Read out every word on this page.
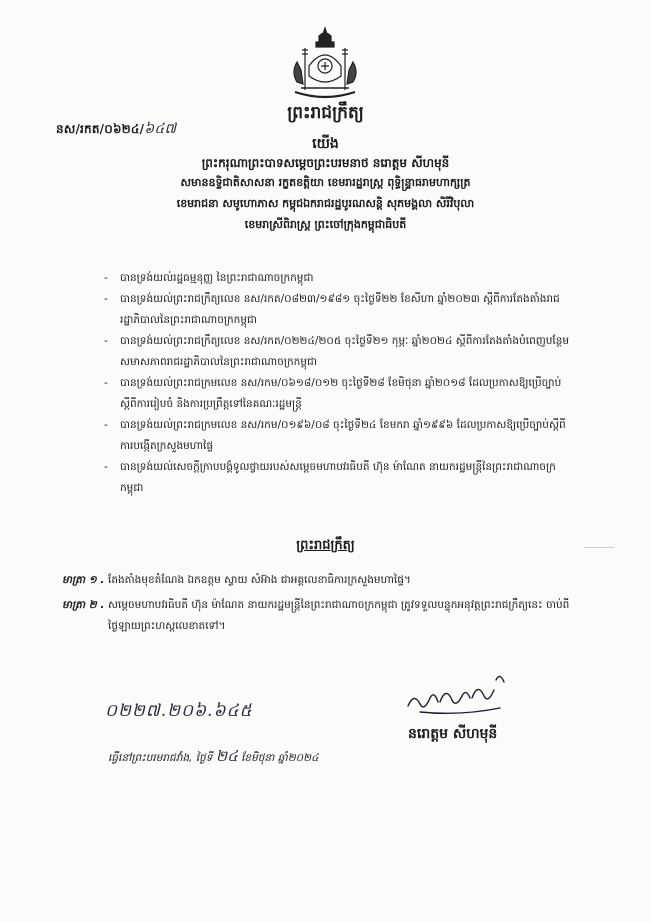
ព្រះរាជក្រឹត្យ
នស/រកត/០៦២៤/៦៤៧
យើង
ព្រះករុណាព្រះបាទសម្តេចព្រះបរមនាថ នរោត្តម សីហមុនី
សមានឧទ្ទិជាតិសាសនា រក្ខតខត្តិយា ខេមរារដ្ឋរាស្ត្រ ពុទ្ធិន្ទ្រាធរាមហាក្សត្រ
ខេមរាជនា សមូហោភាស កម្ពុជឯករាជរដ្ឋបូរណសន្តិ សុភមង្គលា សិរីវិបុលា
ខេមរាស្រីពិរាស្ត្រ ព្រះចៅក្រុងកម្ពុជាធិបតី
- បានទ្រង់យល់រដ្ឋធម្មនុញ្ញ នៃព្រះរាជាណាចក្រកម្ពុជា
- បានទ្រង់យល់ព្រះរាជក្រឹត្យលេខ នស/រកត/០៨២៣/១៩៨១ ចុះថ្ងៃទី២២ ខែសីហា ឆ្នាំ២០២៣ ស្តីពីការតែងតាំងរាជរដ្ឋាភិបាលនៃព្រះរាជាណាចក្រកម្ពុជា
- បានទ្រង់យល់ព្រះរាជក្រឹត្យលេខ នស/រកត/០២២៤/២០៥ ចុះថ្ងៃទី២១ កុម្ភៈ ឆ្នាំ២០២៤ ស្តីពីការតែងតាំងបំពេញបន្ថែមសមាសភាពរាជរដ្ឋាភិបាលនៃព្រះរាជាណាចក្រកម្ពុជា
- បានទ្រង់យល់ព្រះរាជក្រមលេខ នស/រកម/០៦១៨/០១២ ចុះថ្ងៃទី២៨ ខែមិថុនា ឆ្នាំ២០១៨ ដែលប្រកាសឱ្យប្រើច្បាប់ស្តីពីការរៀបចំ និងការប្រព្រឹត្តទៅនៃគណៈរដ្ឋមន្ត្រី
- បានទ្រង់យល់ព្រះរាជក្រមលេខ នស/រកម/០១៩៦/០៨ ចុះថ្ងៃទី២៤ ខែមករា ឆ្នាំ១៩៩៦ ដែលប្រកាសឱ្យប្រើច្បាប់ស្តីពីការបង្កើតក្រសួងមហាផ្ទៃ
- បានទ្រង់យល់សេចក្តីក្រាបបង្គំទូលថ្វាយរបស់សម្តេចមហាបវរធិបតី ហ៊ុន ម៉ាណែត នាយករដ្ឋមន្ត្រីនៃព្រះរាជាណាចក្រកម្ពុជា
ព្រះរាជក្រឹត្យ
មាត្រា ១ . តែងតាំងមុខតំណែង ឯកឧត្តម ស្វាយ សំអ៊ាង ជាអគ្គលេខាធិការក្រសួងមហាផ្ទៃ។
មាត្រា ២ . សម្តេចមហាបវរធិបតី ហ៊ុន ម៉ាណែត នាយករដ្ឋមន្ត្រីនៃព្រះរាជាណាចក្រកម្ពុជា ត្រូវទទួលបន្ទុកអនុវត្តព្រះរាជក្រឹត្យនេះ ចាប់ពីថ្ងៃឡាយព្រះហស្តលេខាតទៅ។
០២២៧.២០៦.៦៤៥
នរោត្តម សីហមុនី
ធ្វើនៅព្រះបរមរាជវាំង, ថ្ងៃទី ២៤ ខែមិថុនា ឆ្នាំ២០២៤
